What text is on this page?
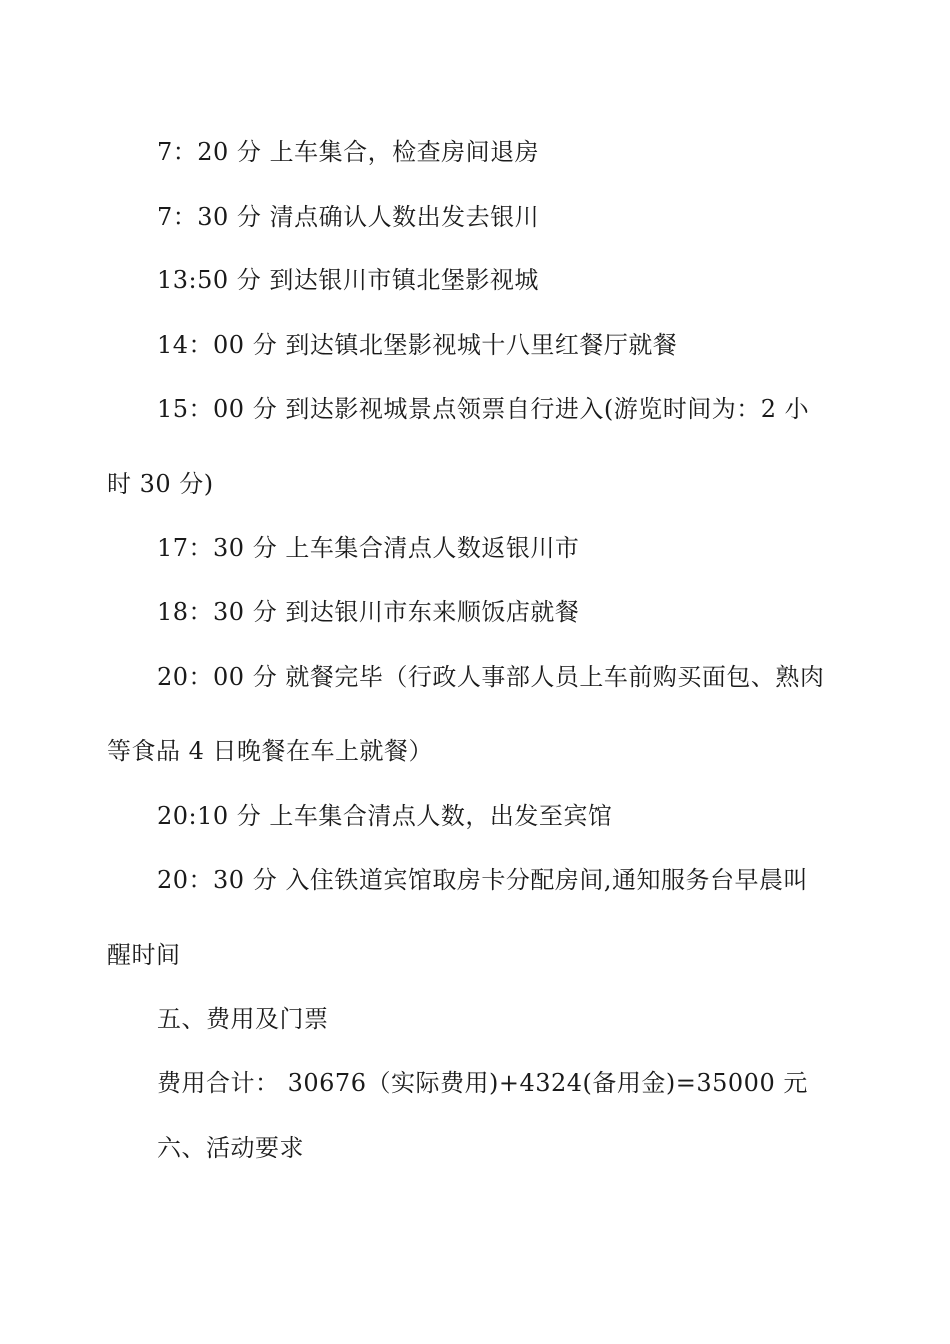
7：20 分 上车集合，检查房间退房
7：30 分 清点确认人数出发去银川
13:50 分 到达银川市镇北堡影视城
14：00 分 到达镇北堡影视城十八里红餐厅就餐
15：00 分 到达影视城景点领票自行进入(游览时间为：2 小
时 30 分)
17：30 分 上车集合清点人数返银川市
18：30 分 到达银川市东来顺饭店就餐
20：00 分 就餐完毕（行政人事部人员上车前购买面包、熟肉
等食品 4 日晚餐在车上就餐）
20:10 分 上车集合清点人数，出发至宾馆
20：30 分 入住铁道宾馆取房卡分配房间,通知服务台早晨叫
醒时间
五、费用及门票
费用合计： 30676（实际费用)+4324(备用金)=35000 元
六、活动要求
